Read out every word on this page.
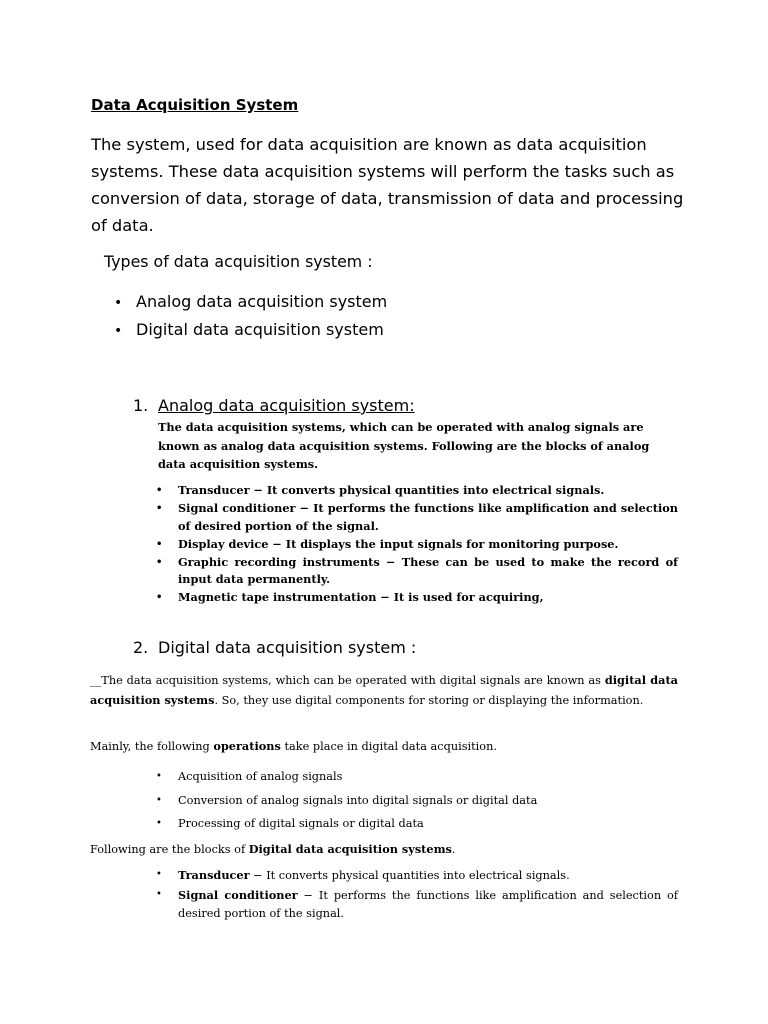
Data Acquisition System

The system, used for data acquisition are known as data acquisition systems. These data acquisition systems will perform the tasks such as conversion of data, storage of data, transmission of data and processing of data.

Types of data acquisition system :

• Analog data acquisition system
• Digital data acquisition system
1. Analog data acquisition system:

The data acquisition systems, which can be operated with analog signals are known as analog data acquisition systems. Following are the blocks of analog data acquisition systems.

• Transducer − It converts physical quantities into electrical signals.
• Signal conditioner − It performs the functions like amplification and selection of desired portion of the signal.
• Display device − It displays the input signals for monitoring purpose.
• Graphic recording instruments − These can be used to make the record of input data permanently.
• Magnetic tape instrumentation − It is used for acquiring,
2. Digital data acquisition system :

__The data acquisition systems, which can be operated with digital signals are known as digital data acquisition systems. So, they use digital components for storing or displaying the information.

Mainly, the following operations take place in digital data acquisition.

• Acquisition of analog signals
• Conversion of analog signals into digital signals or digital data
• Processing of digital signals or digital data

Following are the blocks of Digital data acquisition systems.

• Transducer − It converts physical quantities into electrical signals.
• Signal conditioner − It performs the functions like amplification and selection of desired portion of the signal.
